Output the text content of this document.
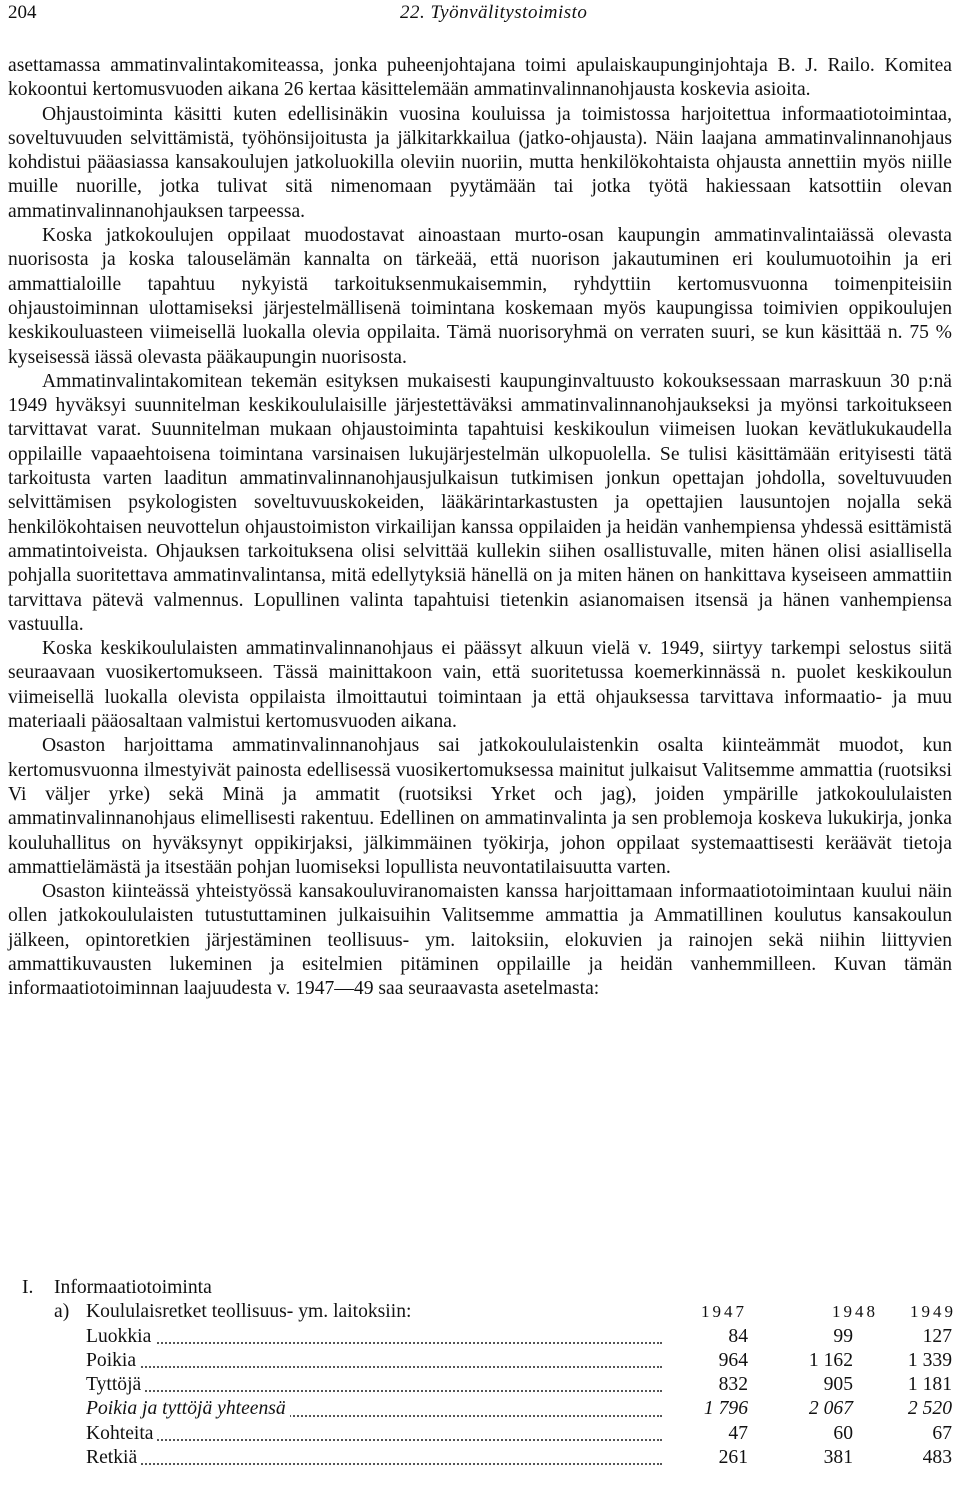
204	22. Työnvälitystoimisto

asettamassa ammatinvalintakomiteassa, jonka puheenjohtajana toimi apulaiskaupunginjohtaja B. J. Railo. Komitea kokoontui kertomusvuoden aikana 26 kertaa käsittelemään ammatinvalinnanohjausta koskevia asioita.

Ohjaustoiminta käsitti kuten edellisinäkin vuosina kouluissa ja toimistossa harjoitettua informaatiotoimintaa, soveltuvuuden selvittämistä, työhönsijoitusta ja jälkitarkkailua (jatko-ohjausta). Näin laajana ammatinvalinnanohjaus kohdistui pääasiassa kansakoulujen jatkoluokilla oleviin nuoriin, mutta henkilökohtaista ohjausta annettiin myös niille muille nuorille, jotka tulivat sitä nimenomaan pyytämään tai jotka työtä hakiessaan katsottiin olevan ammatinvalinnanohjauksen tarpeessa.

Koska jatkokoulujen oppilaat muodostavat ainoastaan murto-osan kaupungin ammatinvalintaiässä olevasta nuorisosta ja koska talouselämän kannalta on tärkeää, että nuorison jakautuminen eri koulumuotoihin ja eri ammattialoille tapahtuu nykyistä tarkoituksenmukaisemmin, ryhdyttiin kertomusvuonna toimenpiteisiin ohjaustoiminnan ulottamiseksi järjestelmällisenä toimintana koskemaan myös kaupungissa toimivien oppikoulujen keskikouluasteen viimeisellä luokalla olevia oppilaita. Tämä nuorisoryhmä on verraten suuri, se kun käsittää n. 75 % kyseisessä iässä olevasta pääkaupungin nuorisosta.

Ammatinvalintakomitean tekemän esityksen mukaisesti kaupunginvaltuusto kokouksessaan marraskuun 30 p:nä 1949 hyväksyi suunnitelman keskikoululaisille järjestettäväksi ammatinvalinnanohjaukseksi ja myönsi tarkoitukseen tarvittavat varat. Suunnitelman mukaan ohjaustoiminta tapahtuisi keskikoulun viimeisen luokan kevätlukukaudella oppilaille vapaaehtoisena toimintana varsinaisen lukujärjestelmän ulkopuolella. Se tulisi käsittämään erityisesti tätä tarkoitusta varten laaditun ammatinvalinnanohjausjulkaisun tutkimisen jonkun opettajan johdolla, soveltuvuuden selvittämisen psykologisten soveltuvuuskokeiden, lääkärintarkastusten ja opettajien lausuntojen nojalla sekä henkilökohtaisen neuvottelun ohjaustoimiston virkailijan kanssa oppilaiden ja heidän vanhempiensa yhdessä esittämistä ammatintoiveista. Ohjauksen tarkoituksena olisi selvittää kullekin siihen osallistuvalle, miten hänen olisi asiallisella pohjalla suoritettava ammatinvalintansa, mitä edellytyksiä hänellä on ja miten hänen on hankittava kyseiseen ammattiin tarvittava pätevä valmennus. Lopullinen valinta tapahtuisi tietenkin asianomaisen itsensä ja hänen vanhempiensa vastuulla.

Koska keskikoululaisten ammatinvalinnanohjaus ei päässyt alkuun vielä v. 1949, siirtyy tarkempi selostus siitä seuraavaan vuosikertomukseen. Tässä mainittakoon vain, että suoritetussa koemerkinnässä n. puolet keskikoulun viimeisellä luokalla olevista oppilaista ilmoittautui toimintaan ja että ohjauksessa tarvittava informaatio- ja muu materiaali pääosaltaan valmistui kertomusvuoden aikana.

Osaston harjoittama ammatinvalinnanohjaus sai jatkokoululaistenkin osalta kiinteämmät muodot, kun kertomusvuonna ilmestyivät painosta edellisessä vuosikertomuksessa mainitut julkaisut Valitsemme ammattia (ruotsiksi Vi väljer yrke) sekä Minä ja ammatit (ruotsiksi Yrket och jag), joiden ympärille jatkokoululaisten ammatinvalinnanohjaus elimellisesti rakentuu. Edellinen on ammatinvalinta ja sen problemoja koskeva lukukirja, jonka kouluhallitus on hyväksynyt oppikirjaksi, jälkimmäinen työkirja, johon oppilaat systemaattisesti keräävät tietoja ammattielämästä ja itsestään pohjan luomiseksi lopullista neuvontatilaisuutta varten.

Osaston kiinteässä yhteistyössä kansakouluviranomaisten kanssa harjoittamaan informaatiotoimintaan kuului näin ollen jatkokoululaisten tutustuttaminen julkaisuihin Valitsemme ammattia ja Ammatillinen koulutus kansakoulun jälkeen, opintoretkien järjestäminen teollisuus- ym. laitoksiin, elokuvien ja rainojen sekä niihin liittyvien ammattikuvausten lukeminen ja esitelmien pitäminen oppilaille ja heidän vanhemmilleen. Kuvan tämän informaatiotoiminnan laajuudesta v. 1947—49 saa seuraavasta asetelmasta:

I. Informaatiotoiminta
a) Koululaisretket teollisuus- ym. laitoksiin:	1947	1948	1949
Luokkia	84	99	127
Poikia	964	1 162	1 339
Tyttöjä	832	905	1 181
Poikia ja tyttöjä yhteensä	1 796	2 067	2 520
Kohteita	47	60	67
Retkiä	261	381	483
